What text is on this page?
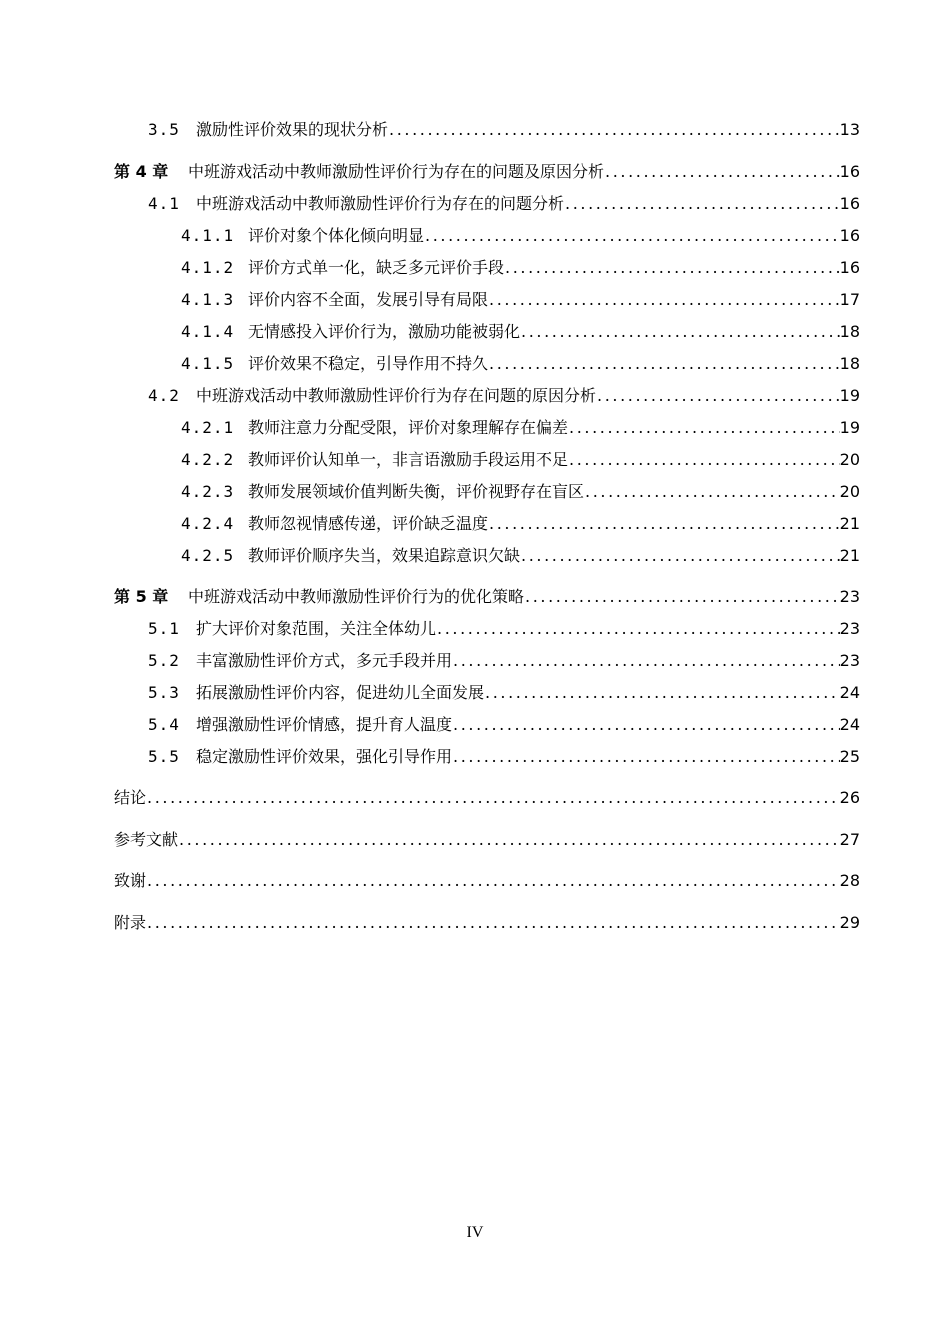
3.5	激励性评价效果的现状分析 .....	13
第 4 章	中班游戏活动中教师激励性评价行为存在的问题及原因分析 .....	16
4.1	中班游戏活动中教师激励性评价行为存在的问题分析 .....	16
4.1.1 评价对象个体化倾向明显 .....	16
4.1.2 评价方式单一化，缺乏多元评价手段 .....	16
4.1.3 评价内容不全面，发展引导有局限 .....	17
4.1.4 无情感投入评价行为，激励功能被弱化 .....	18
4.1.5 评价效果不稳定，引导作用不持久 .....	18
4.2	中班游戏活动中教师激励性评价行为存在问题的原因分析 .....	19
4.2.1 教师注意力分配受限，评价对象理解存在偏差 .....	19
4.2.2 教师评价认知单一，非言语激励手段运用不足 .....	20
4.2.3 教师发展领域价值判断失衡，评价视野存在盲区 .....	20
4.2.4 教师忽视情感传递，评价缺乏温度 .....	21
4.2.5 教师评价顺序失当，效果追踪意识欠缺 .....	21
第 5 章	中班游戏活动中教师激励性评价行为的优化策略 .....	23
5.1	扩大评价对象范围，关注全体幼儿 .....	23
5.2	丰富激励性评价方式，多元手段并用 .....	23
5.3	拓展激励性评价内容，促进幼儿全面发展 .....	24
5.4	增强激励性评价情感，提升育人温度 .....	24
5.5	稳定激励性评价效果，强化引导作用 .....	25
结论 .....	26
参考文献 .....	27
致谢 .....	28
附录 .....	29
IV
